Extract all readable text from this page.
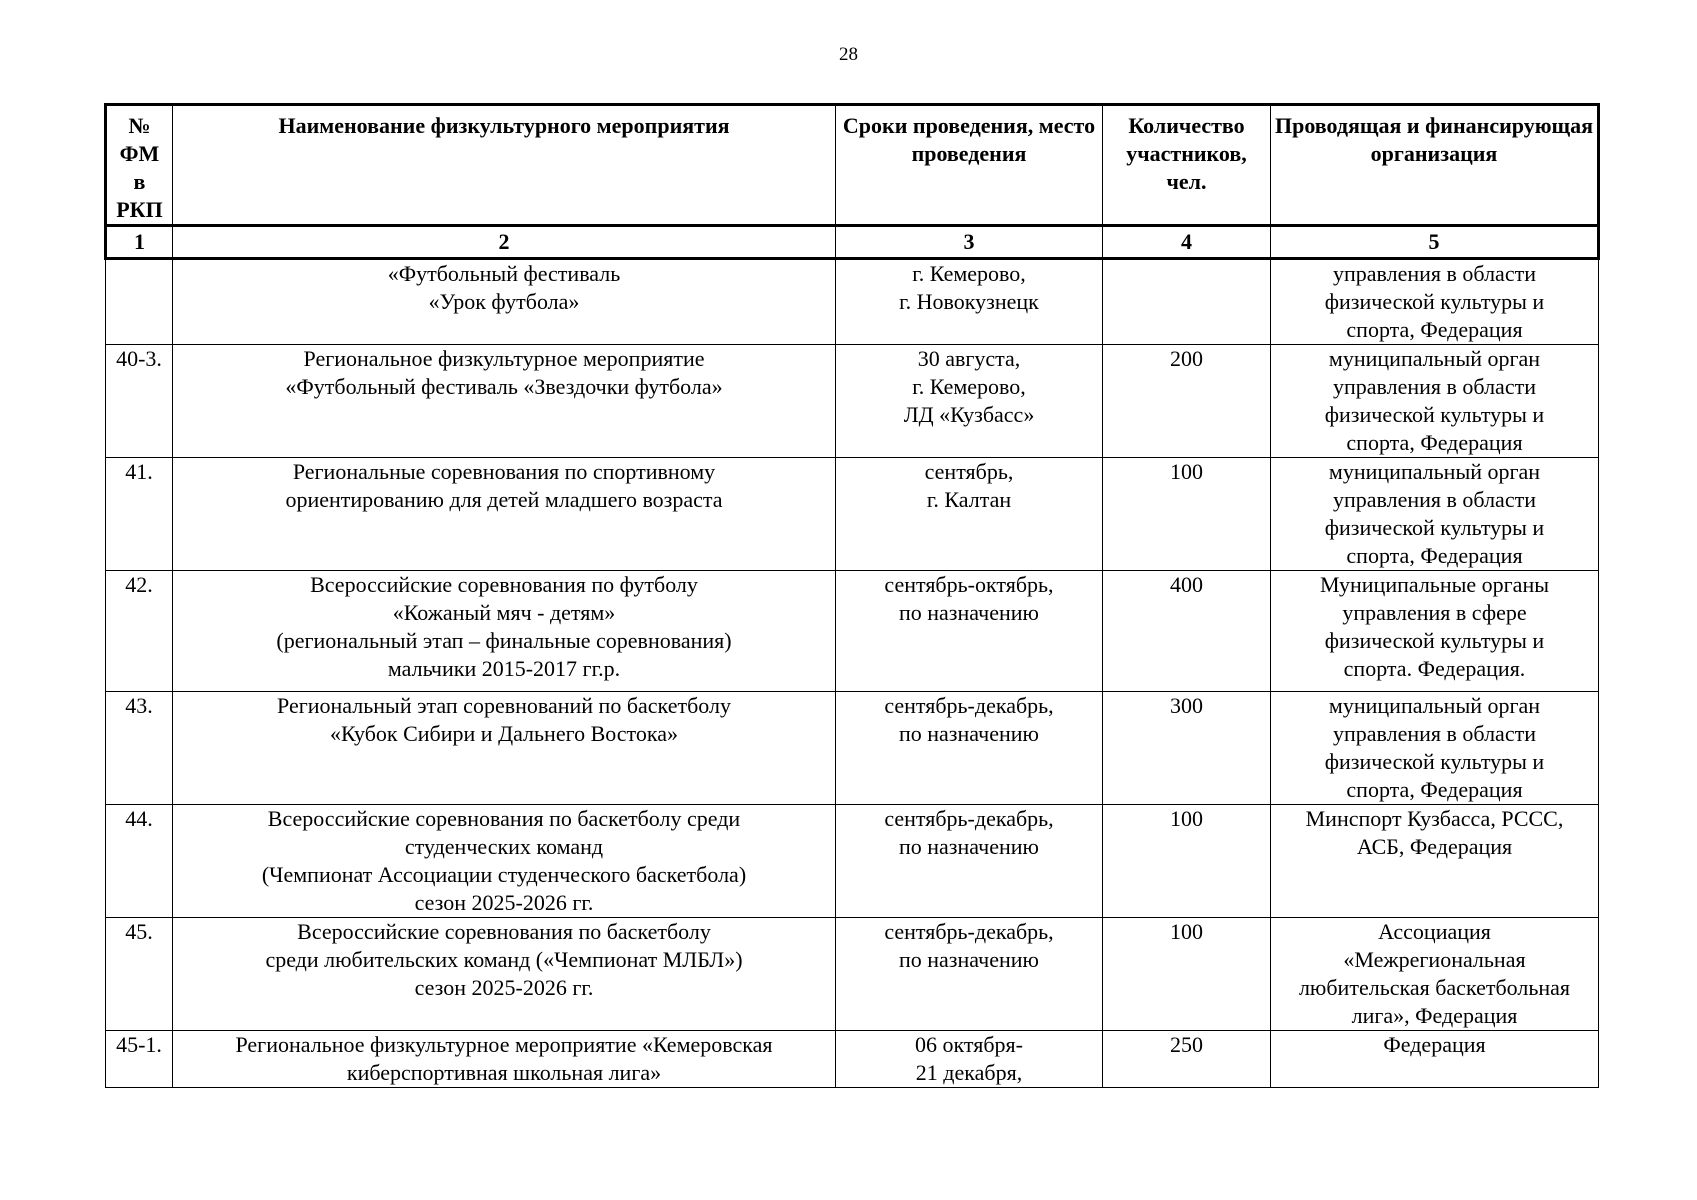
28
№ ФМ в РКП	Наименование физкультурного мероприятия	Сроки проведения, место проведения	Количество участников, чел.	Проводящая и финансирующая организация
1	2	3	4	5
	«Футбольный фестиваль
«Урок футбола»	г. Кемерово,
г. Новокузнецк		управления в области
физической культуры и
спорта, Федерация
40-3.	Региональное физкультурное мероприятие
«Футбольный фестиваль «Звездочки футбола»	30 августа,
г. Кемерово,
ЛД «Кузбасс»	200	муниципальный орган
управления в области
физической культуры и
спорта, Федерация
41.	Региональные соревнования по спортивному
ориентированию для детей младшего возраста	сентябрь,
г. Калтан	100	муниципальный орган
управления в области
физической культуры и
спорта, Федерация
42.	Всероссийские соревнования по футболу
«Кожаный мяч - детям»
(региональный этап – финальные соревнования)
мальчики 2015-2017 гг.р.	сентябрь-октябрь,
по назначению	400	Муниципальные органы
управления в сфере
физической культуры и
спорта. Федерация.
43.	Региональный этап соревнований по баскетболу
«Кубок Сибири и Дальнего Востока»	сентябрь-декабрь,
по назначению	300	муниципальный орган
управления в области
физической культуры и
спорта, Федерация
44.	Всероссийские соревнования по баскетболу среди
студенческих команд
(Чемпионат Ассоциации студенческого баскетбола)
сезон 2025-2026 гг.	сентябрь-декабрь,
по назначению	100	Минспорт Кузбасса, РССС,
АСБ, Федерация
45.	Всероссийские соревнования по баскетболу
среди любительских команд («Чемпионат МЛБЛ»)
сезон 2025-2026 гг.	сентябрь-декабрь,
по назначению	100	Ассоциация
«Межрегиональная
любительская баскетбольная
лига», Федерация
45-1.	Региональное физкультурное мероприятие «Кемеровская
киберспортивная школьная лига»	06 октября-
21 декабря,	250	Федерация
